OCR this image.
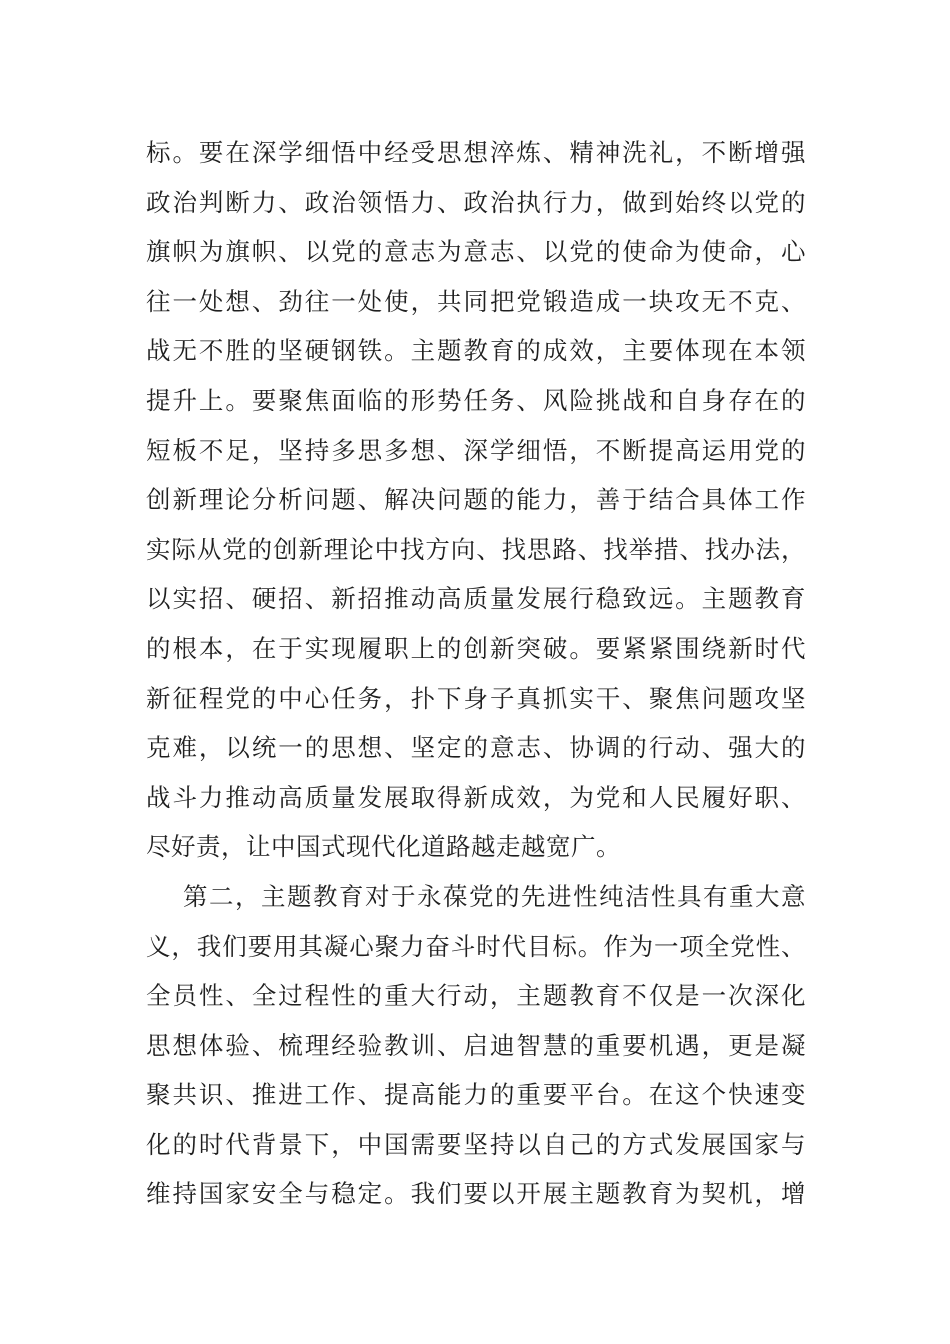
标。要在深学细悟中经受思想淬炼、精神洗礼，不断增强
政治判断力、政治领悟力、政治执行力，做到始终以党的
旗帜为旗帜、以党的意志为意志、以党的使命为使命，心
往一处想、劲往一处使，共同把党锻造成一块攻无不克、
战无不胜的坚硬钢铁。主题教育的成效，主要体现在本领
提升上。要聚焦面临的形势任务、风险挑战和自身存在的
短板不足，坚持多思多想、深学细悟，不断提高运用党的
创新理论分析问题、解决问题的能力，善于结合具体工作
实际从党的创新理论中找方向、找思路、找举措、找办法，
以实招、硬招、新招推动高质量发展行稳致远。主题教育
的根本，在于实现履职上的创新突破。要紧紧围绕新时代
新征程党的中心任务，扑下身子真抓实干、聚焦问题攻坚
克难，以统一的思想、坚定的意志、协调的行动、强大的
战斗力推动高质量发展取得新成效，为党和人民履好职、
尽好责，让中国式现代化道路越走越宽广。
第二，主题教育对于永葆党的先进性纯洁性具有重大意
义，我们要用其凝心聚力奋斗时代目标。作为一项全党性、
全员性、全过程性的重大行动，主题教育不仅是一次深化
思想体验、梳理经验教训、启迪智慧的重要机遇，更是凝
聚共识、推进工作、提高能力的重要平台。在这个快速变
化的时代背景下，中国需要坚持以自己的方式发展国家与
维持国家安全与稳定。我们要以开展主题教育为契机，增
